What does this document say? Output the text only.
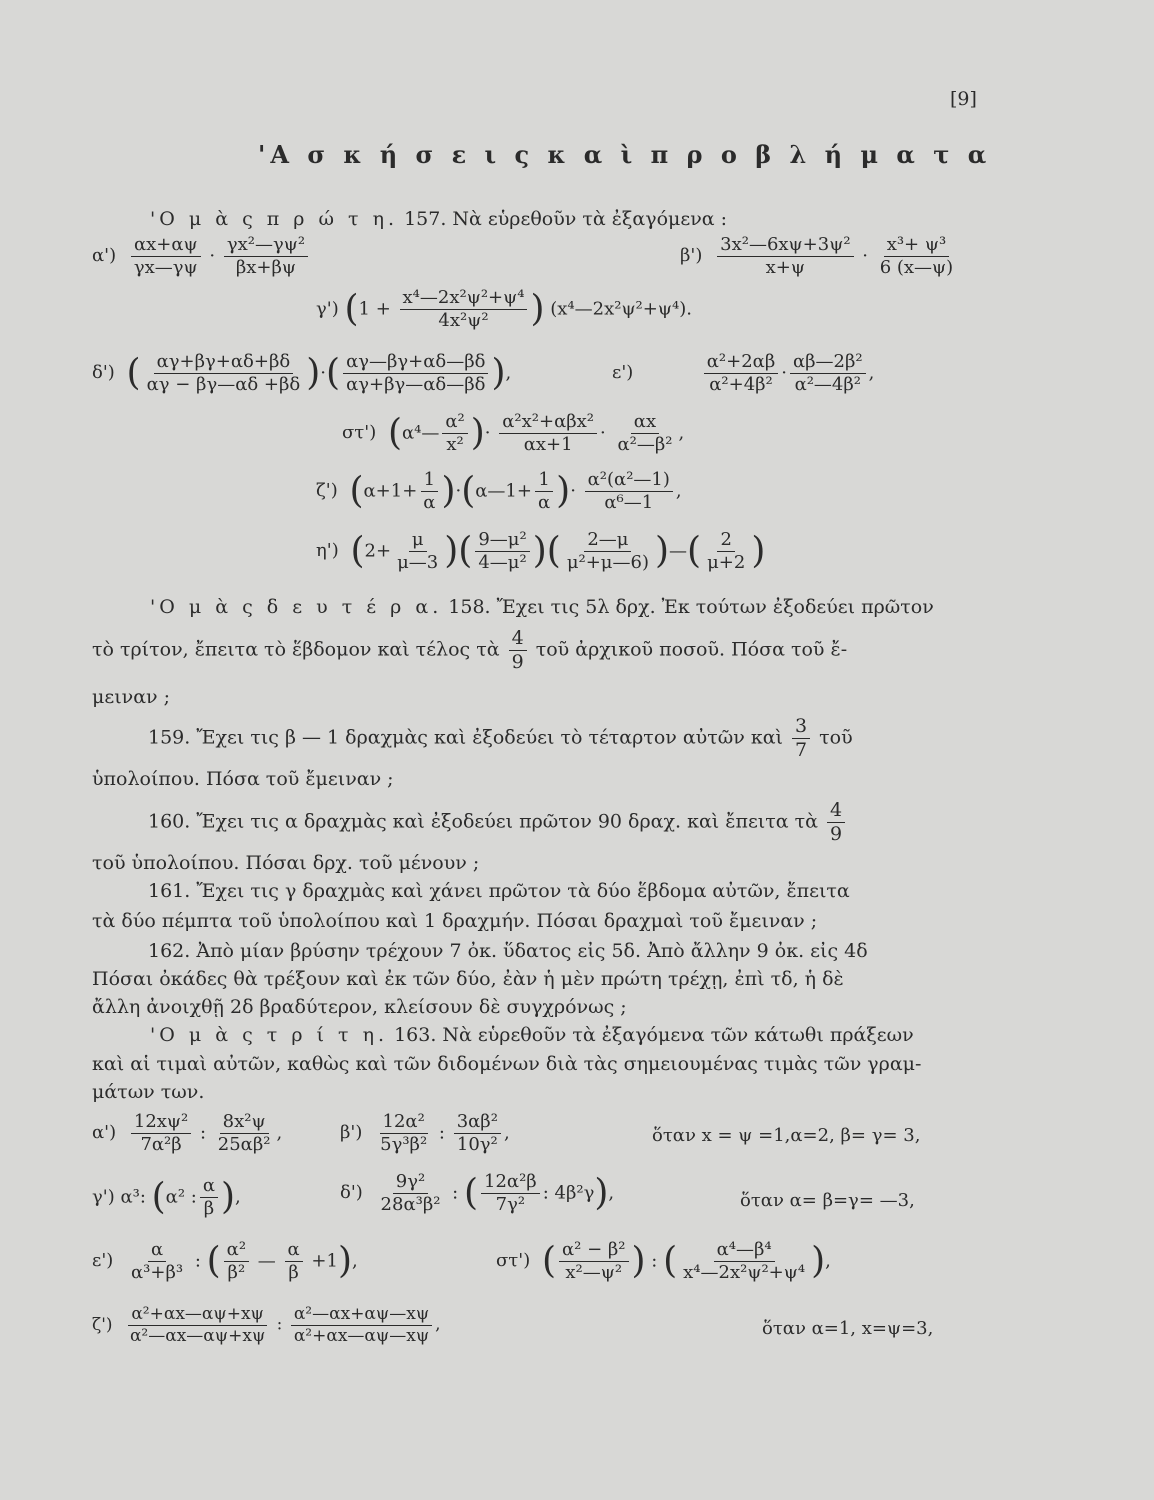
[9]
'Α σ κ ή σ ε ι ς κ α ὶ π ρ ο β λ ή μ α τ α
'Ο μ ὰ ς π ρ ώ τ η. 157. Νὰ εὑρεθοῦν τὰ ἐξαγόμενα :
$\alpha') \frac{\alpha x+\alpha\psi}{\gamma x—\gamma\psi} \cdot \frac{\text{γx²—γψ²}}{\beta x+\beta\psi}$	$\beta') \frac{\text{3x²—6xψ+3ψ²}}{x+\psi} \cdot \frac{\text{x³+ ψ³}}{6 (x—\psi)}$
γ') ($1 + \frac{\text{x⁴—2x²ψ²+ψ⁴}}{\text{4x²ψ²}}$ ) (x⁴—2x²ψ²+ψ⁴).
δ') ( $\frac{\alpha\gamma+\beta\gamma+\alpha\delta+\beta\delta}{\alpha\gamma - \beta\gamma—\alpha\delta +\beta\delta}$ )·( $\frac{\alpha\gamma—\beta\gamma+\alpha\delta—\beta\delta}{\alpha\gamma+\beta\gamma—\alpha\delta—\beta\delta}$ ),	ε')	$\frac{\text{α²+2αβ}}{\text{α²+4β²}} \cdot \frac{\text{αβ—2β²}}{\text{α²—4β²}}$ ,
στ') (α⁴— $\frac{\text{α²}}{\text{x²}}$ )· $\frac{\text{α²x²+αβx²}}{\alpha x+1} \cdot \frac{\alpha x}{\text{α²—β²}}$ ,
ζ') ($\alpha+1+ \frac{1}{\alpha}$ )·(α—1+ $\frac{1}{\alpha}$ )· $\frac{\text{α²(α²—1)}}{\text{α⁶—1}}$ ,
η') ($2+ \frac{\mu}{\mu—3}$ )( $\frac{\text{9—μ²}}{\text{4—μ²}}$ )( $\frac{2—\mu}{\text{μ²+μ—6)}}$ )—( $\frac{2}{\mu+2}$ )
'Ο μ ὰ ς δ ε υ τ έ ρ α. 158. Ἔχει τις 5λ δρχ. Ἐκ τούτων ἐξοδεύει πρῶτον
τὸ τρίτον, ἔπειτα τὸ ἕβδομον καὶ τέλος τὰ $\frac{4}{9}$ τοῦ ἀρχικοῦ ποσοῦ. Πόσα τοῦ ἔ-
μειναν ;
159. Ἔχει τις β — 1 δραχμὰς καὶ ἐξοδεύει τὸ τέταρτον αὐτῶν καὶ $\frac{3}{7}$ τοῦ
ὑπολοίπου. Πόσα τοῦ ἔμειναν ;
160. Ἔχει τις α δραχμὰς καὶ ἐξοδεύει πρῶτον 90 δραχ. καὶ ἔπειτα τὰ $\frac{4}{9}$
τοῦ ὑπολοίπου. Πόσαι δρχ. τοῦ μένουν ;
161. Ἔχει τις γ δραχμὰς καὶ χάνει πρῶτον τὰ δύο ἕβδομα αὐτῶν, ἔπειτα
τὰ δύο πέμπτα τοῦ ὑπολοίπου καὶ 1 δραχμήν. Πόσαι δραχμαὶ τοῦ ἔμειναν ;
162. Ἀπὸ μίαν βρύσην τρέχουν 7 ὀκ. ὕδατος εἰς 5δ. Ἀπὸ ἄλλην 9 ὀκ. εἰς 4δ
Πόσαι ὀκάδες θὰ τρέξουν καὶ ἐκ τῶν δύο, ἐὰν ἡ μὲν πρώτη τρέχῃ, ἐπὶ τδ, ἡ δὲ
ἄλλη ἀνοιχθῇ 2δ βραδύτερον, κλείσουν δὲ συγχρόνως ;
'Ο μ ὰ ς τ ρ ί τ η. 163. Νὰ εὑρεθοῦν τὰ ἐξαγόμενα τῶν κάτωθι πράξεων
καὶ αἱ τιμαὶ αὐτῶν, καθὼς καὶ τῶν διδομένων διὰ τὰς σημειουμένας τιμὰς τῶν γραμ-
μάτων των.
$\alpha') \frac{\text{12xψ²}}{\text{7α²β}}$ : $\frac{\text{8x²ψ}}{\text{25αβ²}}$ ,	$\beta') \frac{\text{12α²}}{\text{5γ³β²}}$ : $\frac{\text{3αβ²}}{\text{10γ²}}$ ,	ὅταν x = ψ =1,α=2, β= γ= 3,
γ') α³: (α² : $\frac{\alpha}{\beta}$ ),	$\delta') \frac{\text{9γ²}}{\text{28α³β²}}$ : ( $\frac{\text{12α²β}}{\text{7γ²}}$ : 4β²γ),	ὅταν α= β=γ= —3,
$\varepsilon') \frac{\alpha}{\text{α³+β³}}$ : ( $\frac{\text{α²}}{\text{β²}}$ — $\frac{\alpha}{\beta} +1$),	στ') ( $\frac{\text{α² − β²}}{\text{x²—ψ²}}$ ) : ( $\frac{\text{α⁴—β⁴}}{\text{x⁴—2x²ψ²+ψ⁴}}$ ),
$\zeta') \frac{\text{α²+αx—αψ+xψ}}{\text{α²—αx—αψ+xψ}}$ : $\frac{\text{α²—αx+αψ—xψ}}{\text{α²+αx—αψ—xψ}}$ ,	ὅταν α=1, x=ψ=3,
